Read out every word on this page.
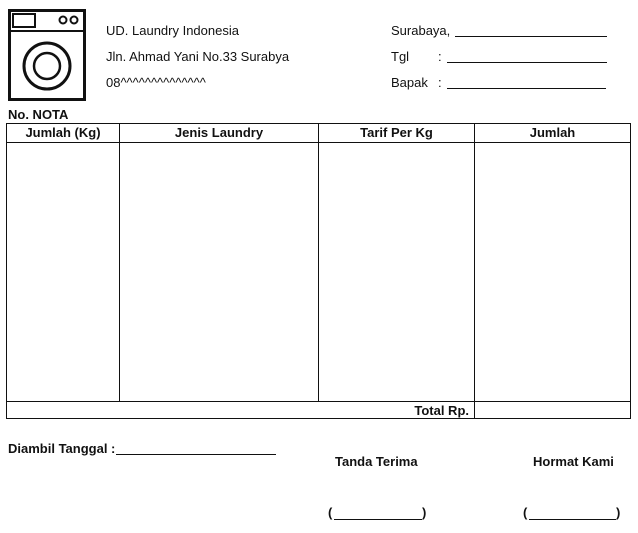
UD. Laundry Indonesia
Jln. Ahmad Yani No.33 Surabya
08^^^^^^^^^^^^^^
Surabaya,
Tgl :
Bapak :
No. NOTA
Jumlah (Kg)	Jenis Laundry	Tarif Per Kg	Jumlah
Total Rp.
Diambil Tanggal :
Tanda Terima	Hormat Kami
(	)	(	)
